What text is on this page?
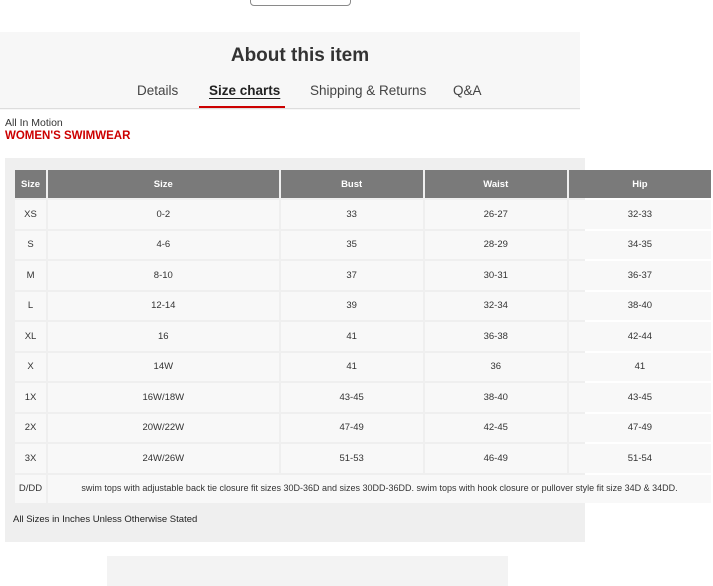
About this item
Details Size charts Shipping & Returns Q&A
All In Motion
WOMEN'S SWIMWEAR
Size	Size	Bust	Waist	Hip
XS	0-2	33	26-27	32-33
S	4-6	35	28-29	34-35
M	8-10	37	30-31	36-37
L	12-14	39	32-34	38-40
XL	16	41	36-38	42-44
X	14W	41	36	41
1X	16W/18W	43-45	38-40	43-45
2X	20W/22W	47-49	42-45	47-49
3X	24W/26W	51-53	46-49	51-54
D/DD	swim tops with adjustable back tie closure fit sizes 30D-36D and sizes 30DD-36DD. swim tops with hook closure or pullover style fit size 34D & 34DD.			
All Sizes in Inches Unless Otherwise Stated
